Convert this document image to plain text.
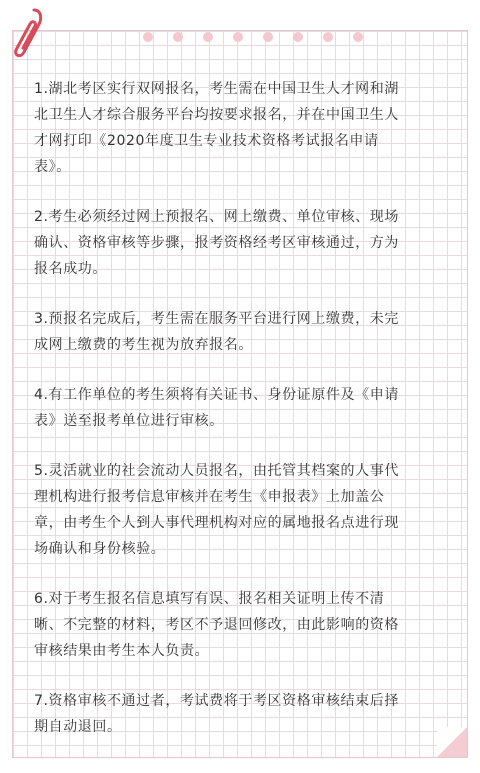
1.湖北考区实行双网报名，考生需在中国卫生人才网和湖
北卫生人才综合服务平台均按要求报名，并在中国卫生人
才网打印《2020年度卫生专业技术资格考试报名申请
表》。

2.考生必须经过网上预报名、网上缴费、单位审核、现场
确认、资格审核等步骤，报考资格经考区审核通过，方为
报名成功。

3.预报名完成后，考生需在服务平台进行网上缴费，未完
成网上缴费的考生视为放弃报名。

4.有工作单位的考生须将有关证书、身份证原件及《申请
表》送至报考单位进行审核。

5.灵活就业的社会流动人员报名，由托管其档案的人事代
理机构进行报考信息审核并在考生《申报表》上加盖公
章，由考生个人到人事代理机构对应的属地报名点进行现
场确认和身份核验。

6.对于考生报名信息填写有误、报名相关证明上传不清
晰、不完整的材料，考区不予退回修改，由此影响的资格
审核结果由考生本人负责。

7.资格审核不通过者，考试费将于考区资格审核结束后择
期自动退回。
